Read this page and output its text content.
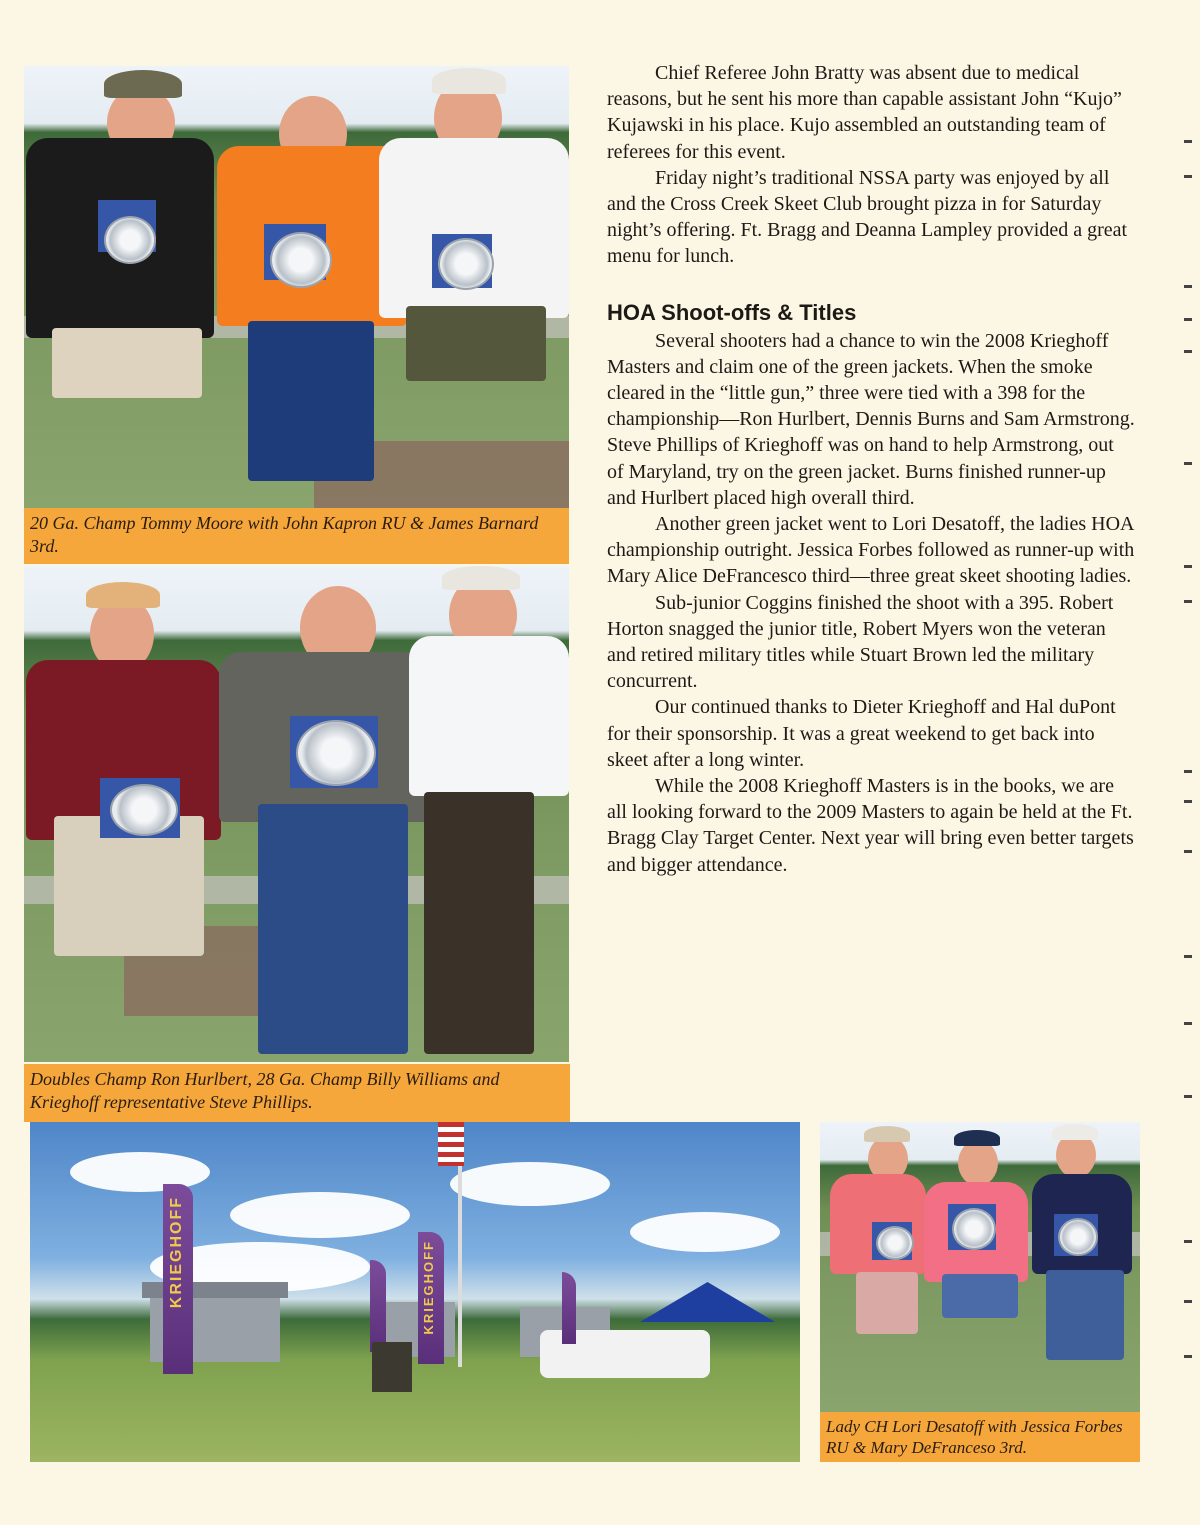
20 Ga. Champ Tommy Moore with John Kapron RU & James Barnard 3rd.
Doubles Champ Ron Hurlbert, 28 Ga. Champ Billy Williams and Krieghoff representative Steve Phillips.
KRIEGHOFF	KRIEGHOFF
Lady CH Lori Desatoff with Jessica Forbes RU & Mary DeFranceso 3rd.

Chief Referee John Bratty was absent due to medical reasons, but he sent his more than capable assistant John “Kujo” Kujawski in his place. Kujo assembled an outstanding team of referees for this event.

Friday night’s traditional NSSA party was enjoyed by all and the Cross Creek Skeet Club brought pizza in for Saturday night’s offering. Ft. Bragg and Deanna Lampley provided a great menu for lunch.

HOA Shoot-offs & Titles

Several shooters had a chance to win the 2008 Krieghoff Masters and claim one of the green jackets. When the smoke cleared in the “little gun,” three were tied with a 398 for the championship—Ron Hurlbert, Dennis Burns and Sam Armstrong. Steve Phillips of Krieghoff was on hand to help Armstrong, out of Maryland, try on the green jacket. Burns finished runner-up and Hurlbert placed high overall third.

Another green jacket went to Lori Desatoff, the ladies HOA championship outright. Jessica Forbes followed as runner-up with Mary Alice DeFrancesco third—three great skeet shooting ladies.

Sub-junior Coggins finished the shoot with a 395. Robert Horton snagged the junior title, Robert Myers won the veteran and retired military titles while Stuart Brown led the military concurrent.

Our continued thanks to Dieter Krieghoff and Hal duPont for their sponsorship. It was a great weekend to get back into skeet after a long winter.

While the 2008 Krieghoff Masters is in the books, we are all looking forward to the 2009 Masters to again be held at the Ft. Bragg Clay Target Center. Next year will bring even better targets and bigger attendance.
